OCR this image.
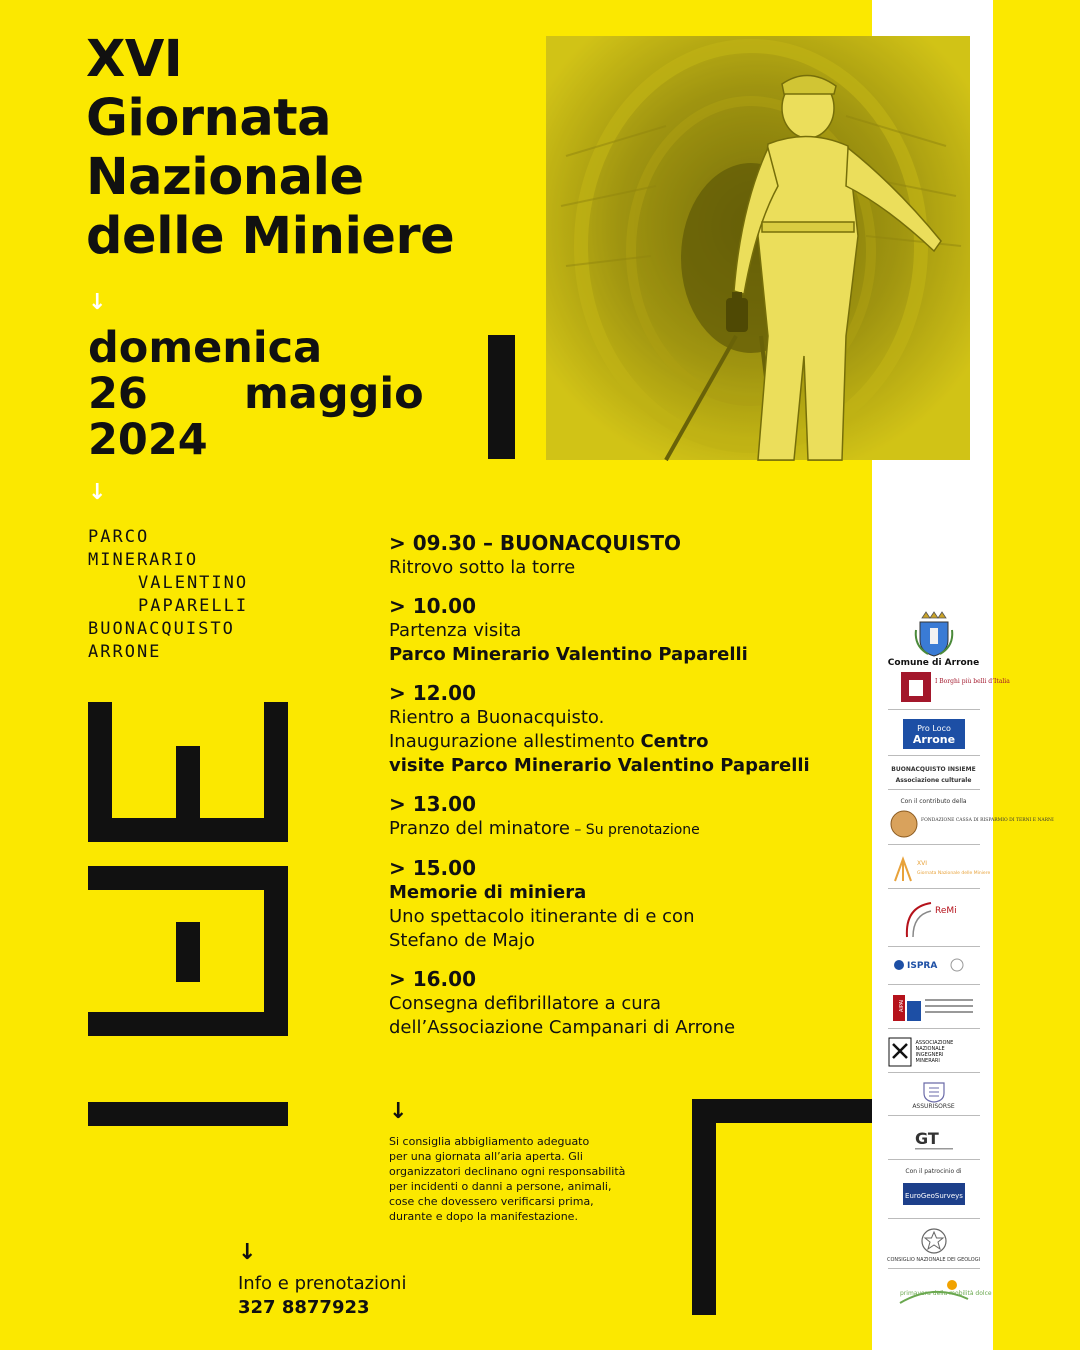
XVI
Giornata
Nazionale
delle Miniere
↓
domenica
26 maggio
2024
↓
PARCO
MINERARIO
VALENTINO
PAPARELLI
BUONACQUISTO
ARRONE
> 09.30 – BUONACQUISTO
Ritrovo sotto la torre
> 10.00
Partenza visita
Parco Minerario Valentino Paparelli
> 12.00
Rientro a Buonacquisto.
Inaugurazione allestimento Centro
visite Parco Minerario Valentino Paparelli
> 13.00
Pranzo del minatore – Su prenotazione
> 15.00
Memorie di miniera
Uno spettacolo itinerante di e con
Stefano de Majo
> 16.00
Consegna defibrillatore a cura
dell’Associazione Campanari di Arrone
↓
Si consiglia abbigliamento adeguato
per una giornata all’aria aperta. Gli
organizzatori declinano ogni responsabilità
per incidenti o danni a persone, animali,
cose che dovessero verificarsi prima,
durante e dopo la manifestazione.
↓
Info e prenotazioni
327 8877923
Comune di Arrone
I Borghi più belli d’Italia
Pro Loco
Arrone
BUONACQUISTO INSIEME
Associazione culturale
Con il contributo della
FONDAZIONE CASSA DI RISPARMIO DI TERNI E NARNI
XVI
Giornata Nazionale delle Miniere
ReMi
ISPRA
AIPAI
ASSOCIAZIONE NAZIONALE INGEGNERI MINERARI
ASSURISORSE
GT
Con il patrocinio di
EuroGeoSurveys
CONSIGLIO NAZIONALE DEI GEOLOGI
primavera della mobilità dolce
